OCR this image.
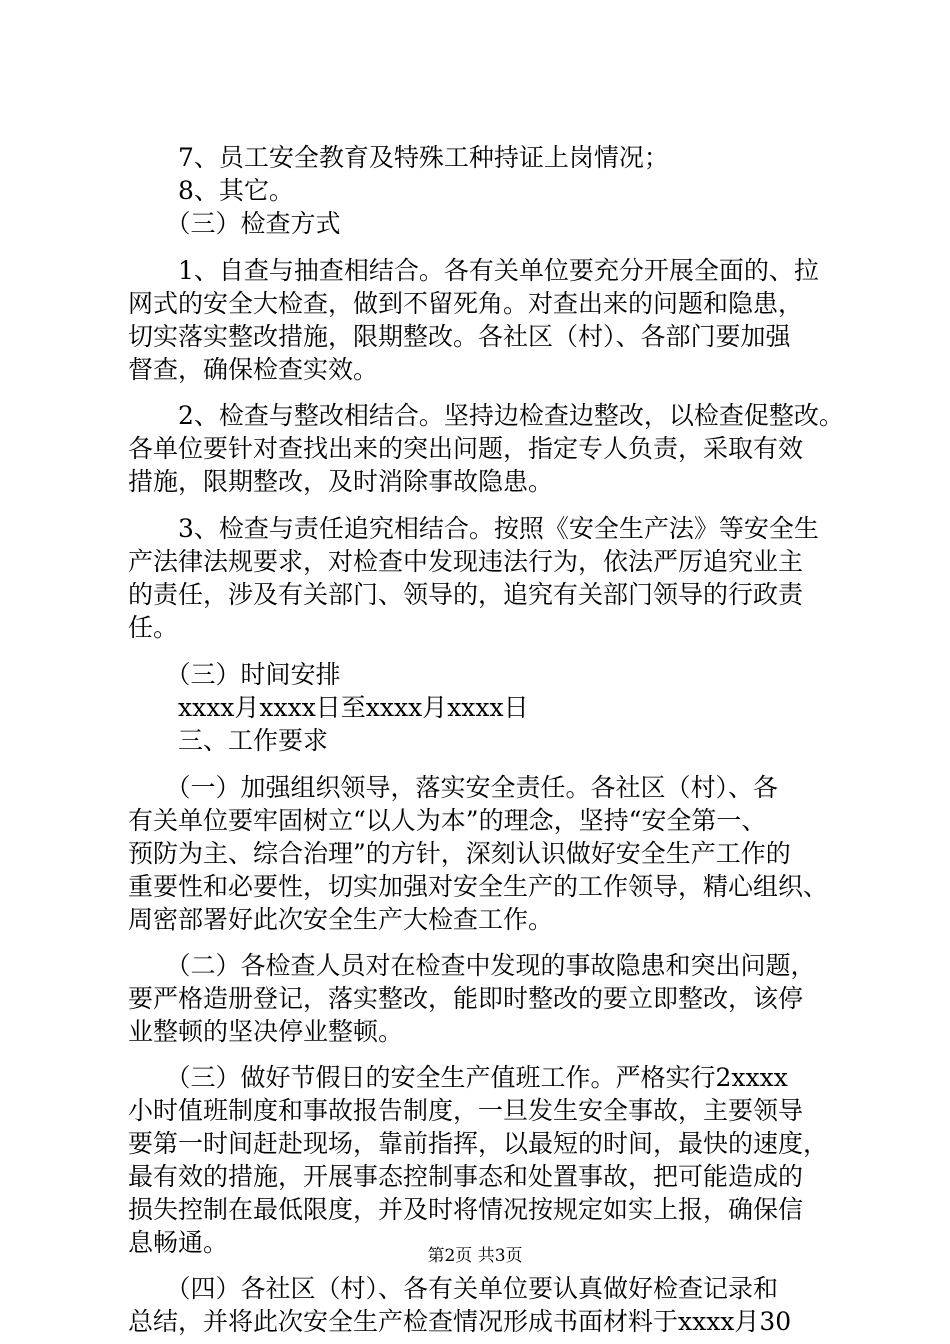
　　7、员工安全教育及特殊工种持证上岗情况；

　　8、其它。

　　（三）检查方式

　　1、自查与抽查相结合。各有关单位要充分开展全面的、拉

网式的安全大检查，做到不留死角。对查出来的问题和隐患，

切实落实整改措施，限期整改。各社区（村）、各部门要加强

督查，确保检查实效。

　　2、检查与整改相结合。坚持边检查边整改，以检查促整改。

各单位要针对查找出来的突出问题，指定专人负责，采取有效

措施，限期整改，及时消除事故隐患。

　　3、检查与责任追究相结合。按照《安全生产法》等安全生

产法律法规要求，对检查中发现违法行为，依法严厉追究业主

的责任，涉及有关部门、领导的，追究有关部门领导的行政责

任。

　　（三）时间安排

　　xxxx月xxxx日至xxxx月xxxx日

　　三、工作要求

　　（一）加强组织领导，落实安全责任。各社区（村）、各

有关单位要牢固树立“以人为本”的理念，坚持“安全第一、

预防为主、综合治理”的方针，深刻认识做好安全生产工作的

重要性和必要性，切实加强对安全生产的工作领导，精心组织、

周密部署好此次安全生产大检查工作。

　　（二）各检查人员对在检查中发现的事故隐患和突出问题，

要严格造册登记，落实整改，能即时整改的要立即整改，该停

业整顿的坚决停业整顿。

　　（三）做好节假日的安全生产值班工作。严格实行2xxxx

小时值班制度和事故报告制度，一旦发生安全事故，主要领导

要第一时间赶赴现场，靠前指挥，以最短的时间，最快的速度，

最有效的措施，开展事态控制事态和处置事故，把可能造成的

损失控制在最低限度，并及时将情况按规定如实上报，确保信

息畅通。

　　（四）各社区（村）、各有关单位要认真做好检查记录和

总结，并将此次安全生产检查情况形成书面材料于xxxx月30

第2页 共3页
